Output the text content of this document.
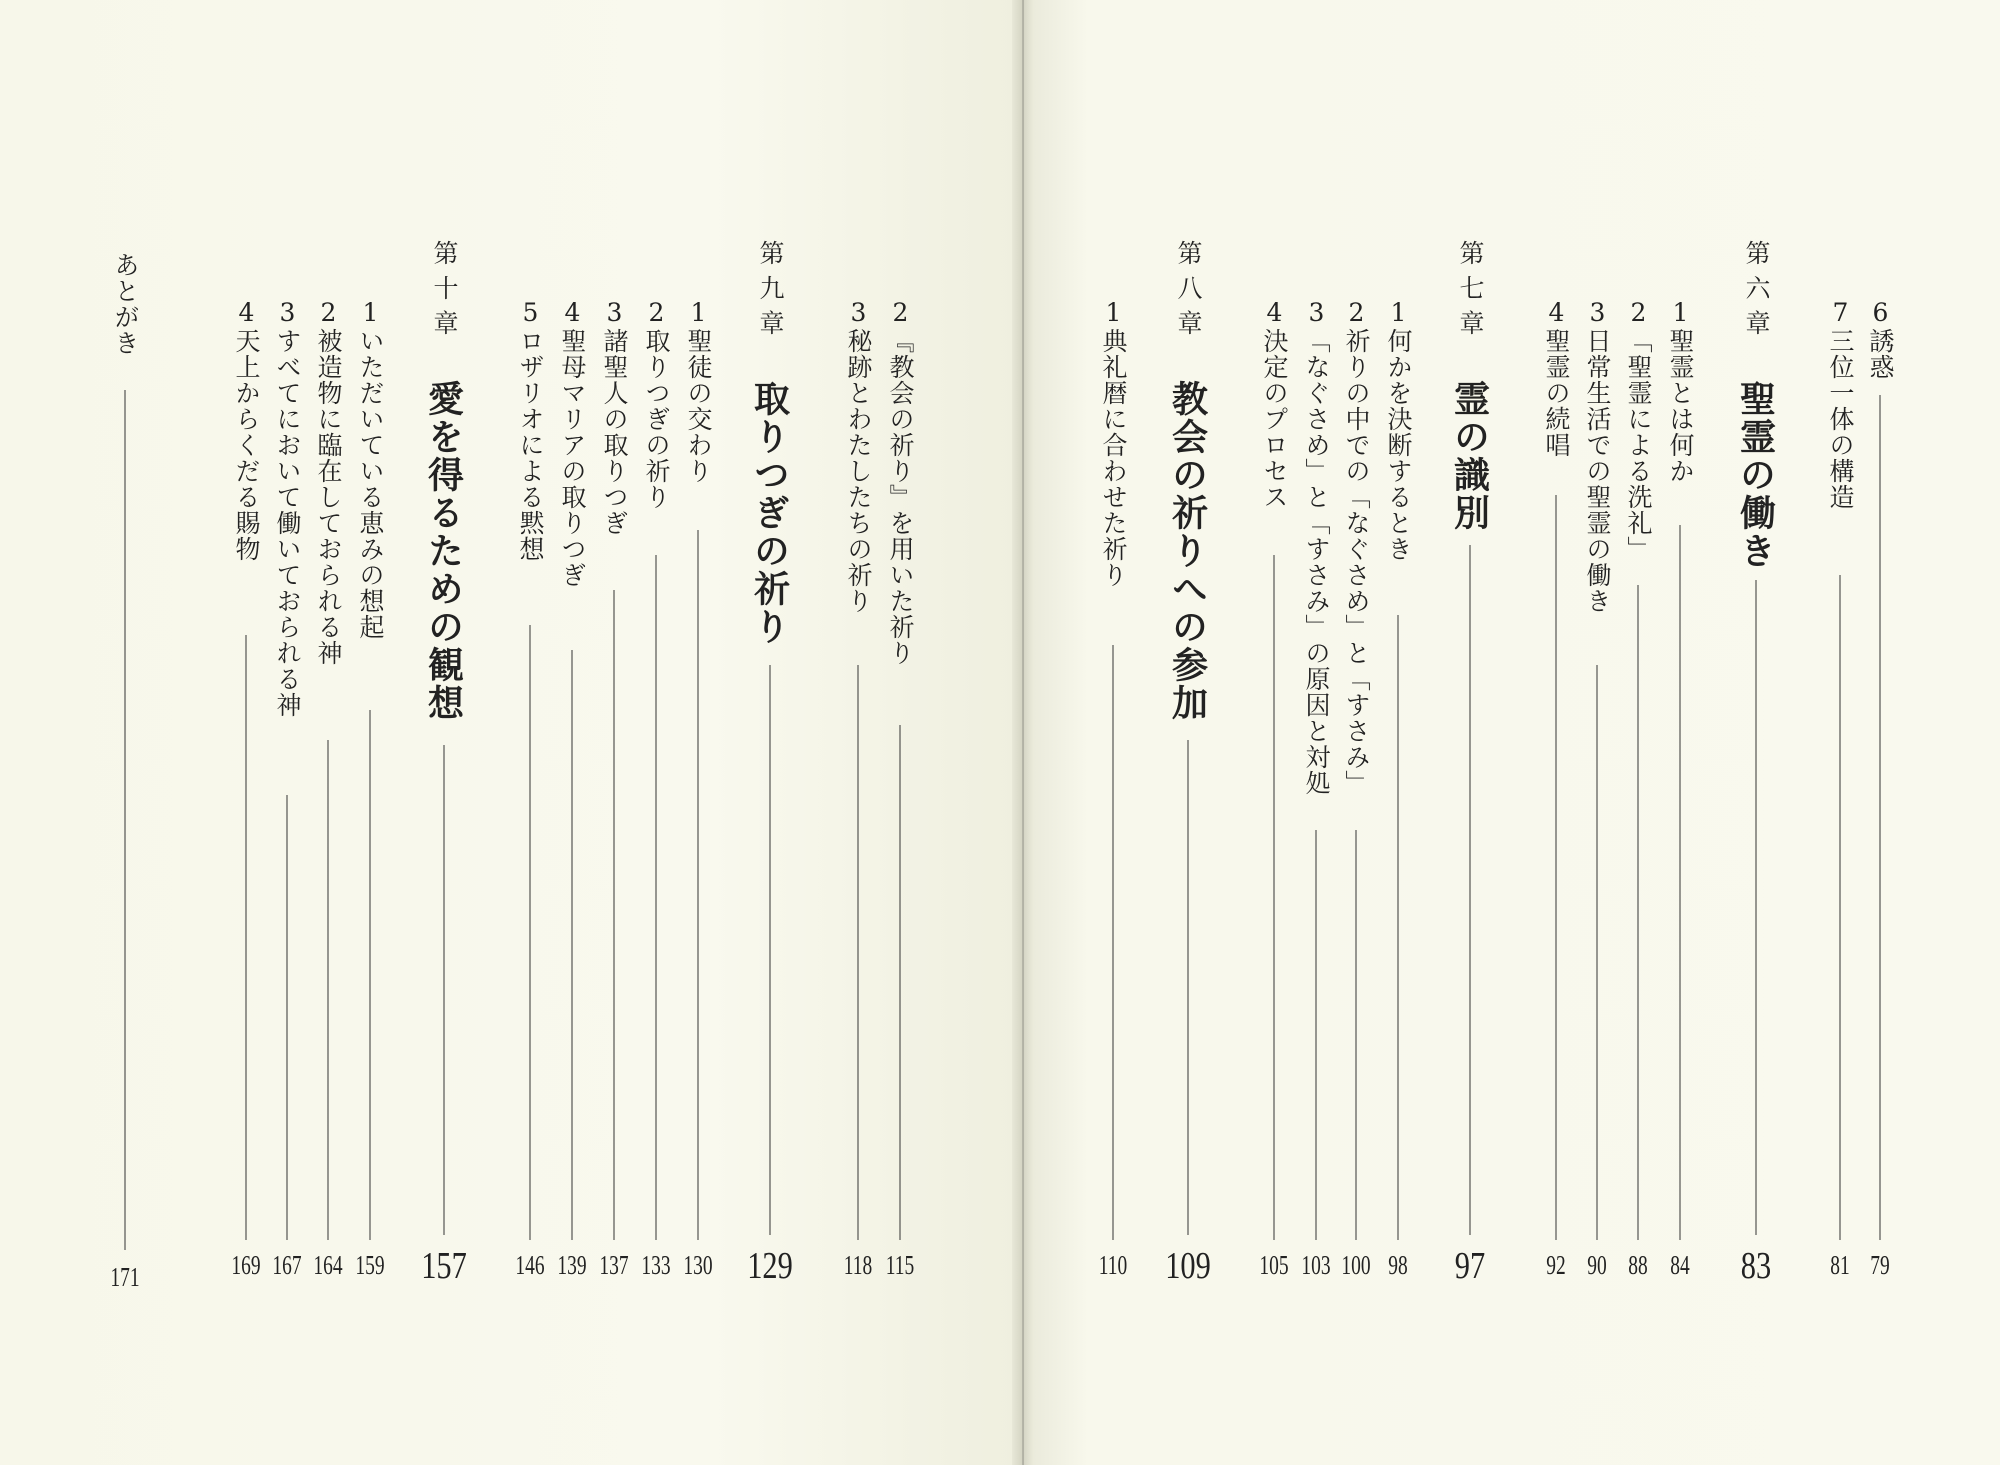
6誘惑
79
7三位一体の構造
81
第六章
聖霊の働き
83
1聖霊とは何か
84
2「聖霊による洗礼」
88
3日常生活での聖霊の働き
90
4聖霊の続唱
92
第七章
霊の識別
97
1何かを決断するとき
98
2祈りの中での「なぐさめ」と「すさみ」
100
3「なぐさめ」と「すさみ」の原因と対処
103
4決定のプロセス
105
第八章
教会の祈りへの参加
109
1典礼暦に合わせた祈り
110
2『教会の祈り』を用いた祈り
115
3秘跡とわたしたちの祈り
118
第九章
取りつぎの祈り
129
1聖徒の交わり
130
2取りつぎの祈り
133
3諸聖人の取りつぎ
137
4聖母マリアの取りつぎ
139
5ロザリオによる黙想
146
第十章
愛を得るための観想
157
1いただいている恵みの想起
159
2被造物に臨在しておられる神
164
3すべてにおいて働いておられる神
167
4天上からくだる賜物
169
あとがき
171
